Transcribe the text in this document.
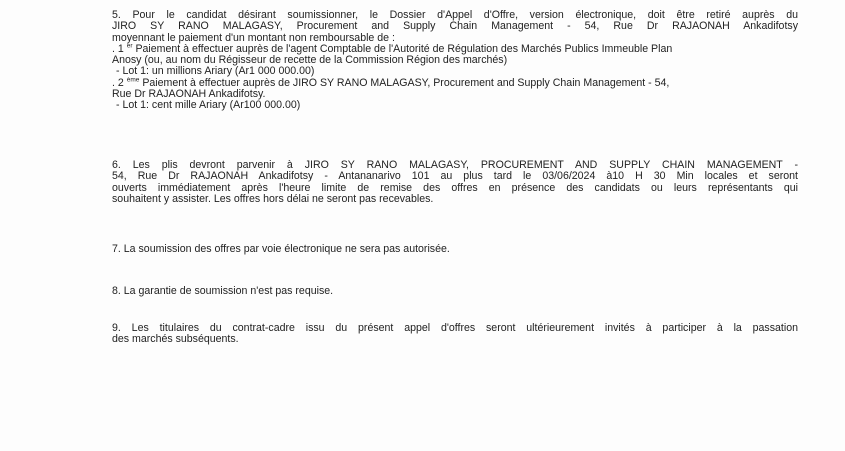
5. Pour le candidat désirant soumissionner, le Dossier d'Appel d'Offre, version électronique, doit être retiré auprès du
JIRO SY RANO MALAGASY, Procurement and Supply Chain Management - 54, Rue Dr RAJAONAH Ankadifotsy
moyennant le paiement d'un montant non remboursable de :
. 1 $^{er}$ Paiement à effectuer auprès de l'agent Comptable de l'Autorité de Régulation des Marchés Publics Immeuble Plan
Anosy (ou, au nom du Régisseur de recette de la Commission Région des marchés)
- Lot 1: un millions Ariary (Ar1 000 000.00)
. 2 $^{ème}$ Paiement à effectuer auprès de JIRO SY RANO MALAGASY, Procurement and Supply Chain Management - 54,
Rue Dr RAJAONAH Ankadifotsy.
- Lot 1: cent mille Ariary (Ar100 000.00)
6. Les plis devront parvenir à JIRO SY RANO MALAGASY, PROCUREMENT AND SUPPLY CHAIN MANAGEMENT -
54, Rue Dr RAJAONAH Ankadifotsy - Antananarivo 101 au plus tard le 03/06/2024 à10 H 30 Min locales et seront
ouverts immédiatement après l'heure limite de remise des offres en présence des candidats ou leurs représentants qui
souhaitent y assister. Les offres hors délai ne seront pas recevables.
7. La soumission des offres par voie électronique ne sera pas autorisée.
8. La garantie de soumission n'est pas requise.
9. Les titulaires du contrat-cadre issu du présent appel d'offres seront ultérieurement invités à participer à la passation
des marchés subséquents.
